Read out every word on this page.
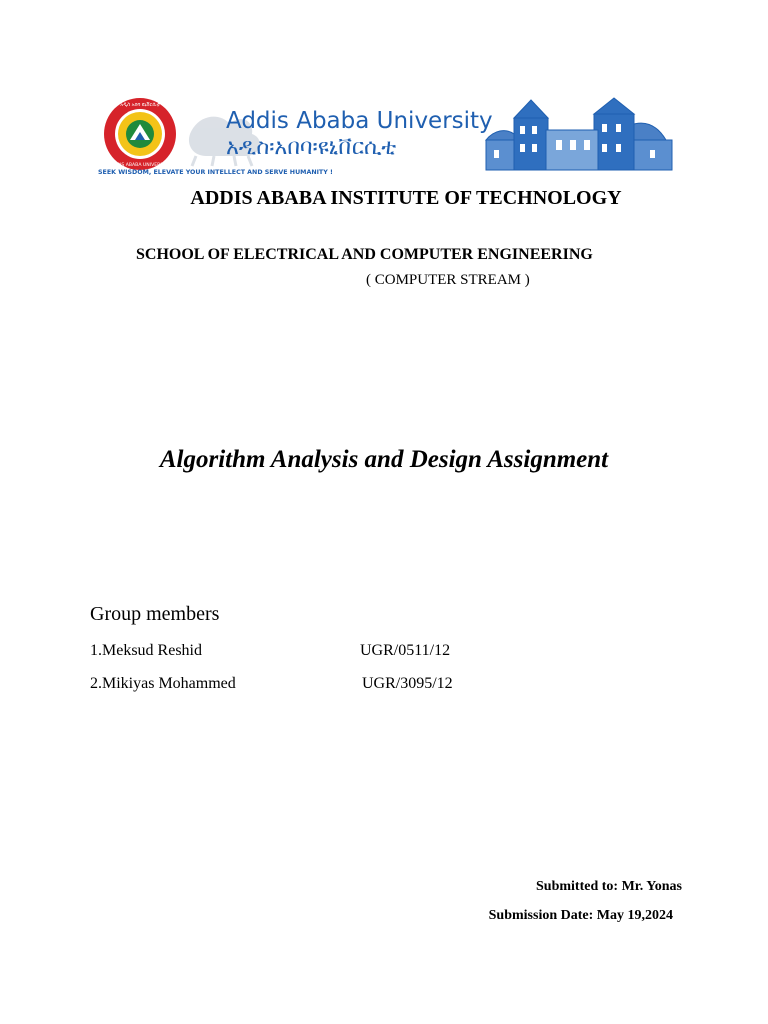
አዲስ አበባ ዩኒቨርሲቲ
ADDIS ABABA UNIVERSITY
Addis Ababa University
አዲስ፡አበባ፡ዩኒቨርሲቲ
SEEK WISDOM, ELEVATE YOUR INTELLECT AND SERVE HUMANITY !
ADDIS ABABA INSTITUTE OF TECHNOLOGY
SCHOOL OF ELECTRICAL AND COMPUTER ENGINEERING
( COMPUTER STREAM )
Algorithm Analysis and Design Assignment
Group members
1.Meksud Reshid	UGR/0511/12
2.Mikiyas Mohammed	UGR/3095/12
Submitted to: Mr. Yonas
Submission Date: May 19,2024
